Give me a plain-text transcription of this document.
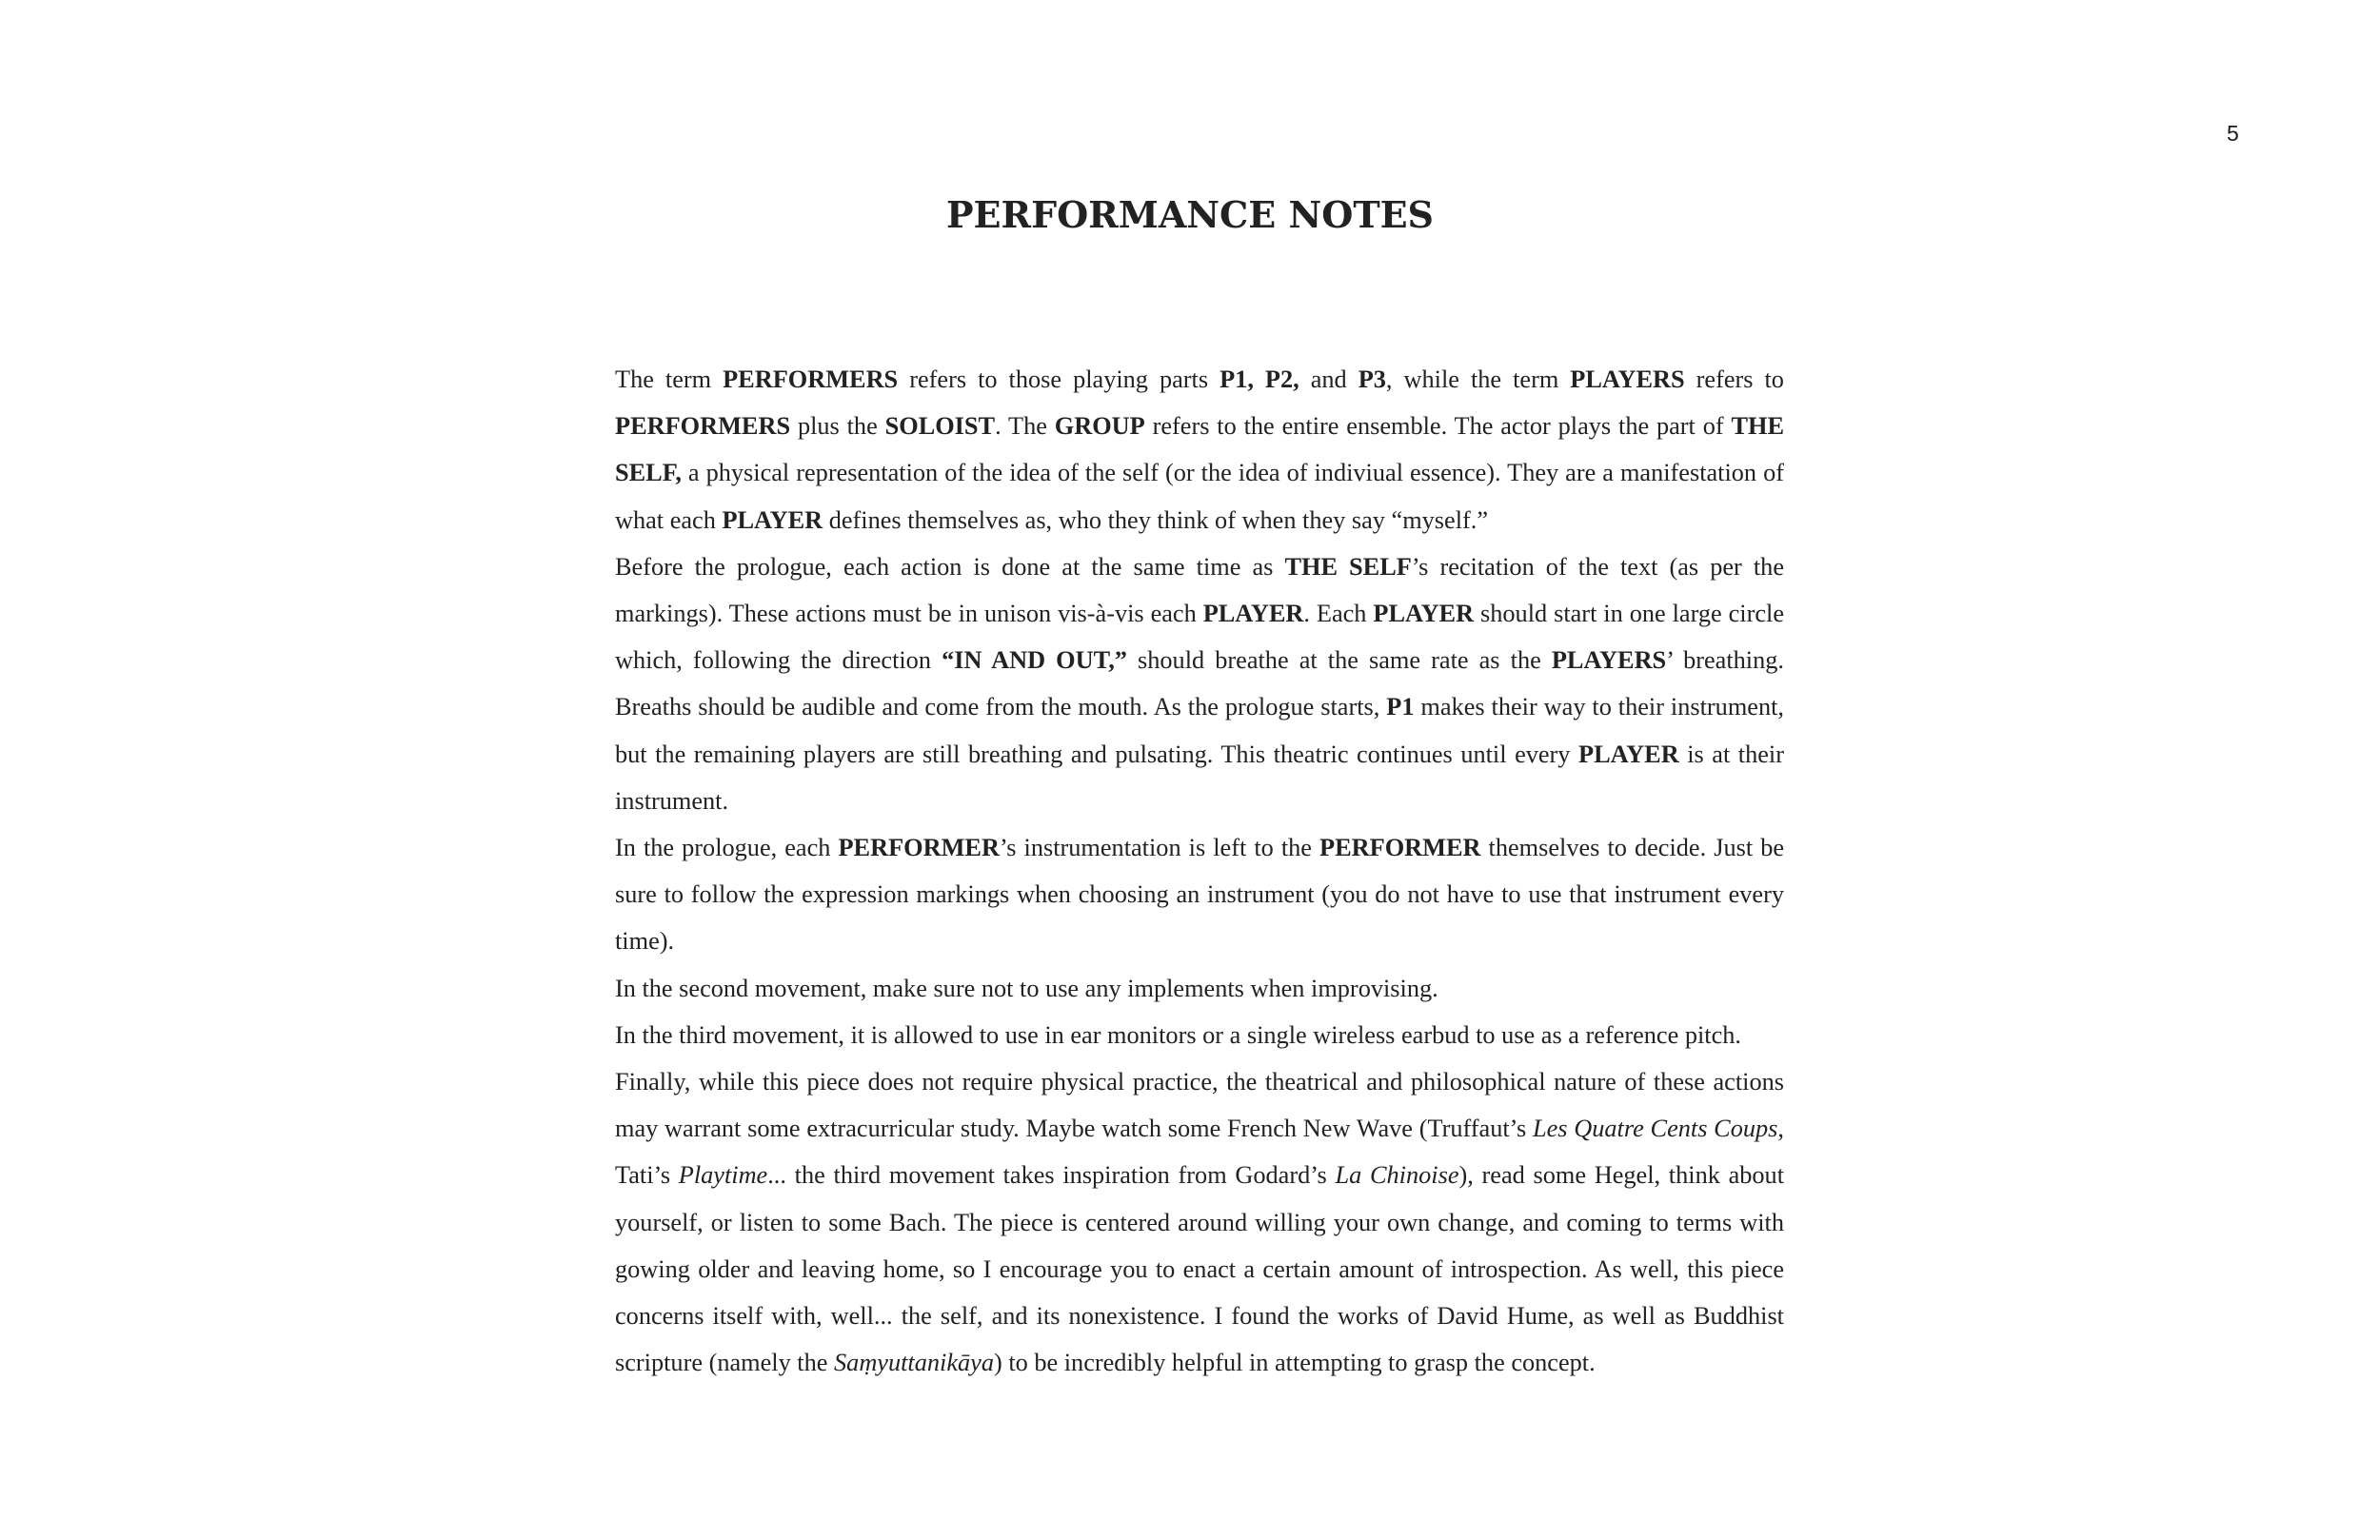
5
PERFORMANCE NOTES

The term PERFORMERS refers to those playing parts P1, P2, and P3, while the term PLAYERS refers to PERFORMERS plus the SOLOIST. The GROUP refers to the entire ensemble. The actor plays the part of THE SELF, a physical representation of the idea of the self (or the idea of indiviual essence). They are a manifestation of what each PLAYER defines themselves as, who they think of when they say “myself.”

Before the prologue, each action is done at the same time as THE SELF’s recitation of the text (as per the markings). These actions must be in unison vis-à-vis each PLAYER. Each PLAYER should start in one large circle which, following the direction “IN AND OUT,” should breathe at the same rate as the PLAYERS’ breathing. Breaths should be audible and come from the mouth. As the prologue starts, P1 makes their way to their instrument, but the remaining players are still breathing and pulsating. This theatric continues until every PLAYER is at their instrument.

In the prologue, each PERFORMER’s instrumentation is left to the PERFORMER themselves to decide. Just be sure to follow the expression markings when choosing an instrument (you do not have to use that instrument every time).

In the second movement, make sure not to use any implements when improvising.

In the third movement, it is allowed to use in ear monitors or a single wireless earbud to use as a reference pitch.

Finally, while this piece does not require physical practice, the theatrical and philosophical nature of these actions may warrant some extracurricular study. Maybe watch some French New Wave (Truffaut’s Les Quatre Cents Coups, Tati’s Playtime... the third movement takes inspiration from Godard’s La Chinoise), read some Hegel, think about yourself, or listen to some Bach. The piece is centered around willing your own change, and coming to terms with gowing older and leaving home, so I encourage you to enact a certain amount of introspection. As well, this piece concerns itself with, well... the self, and its nonexistence. I found the works of David Hume, as well as Buddhist scripture (namely the Saṃyuttanikāya) to be incredibly helpful in attempting to grasp the concept.
